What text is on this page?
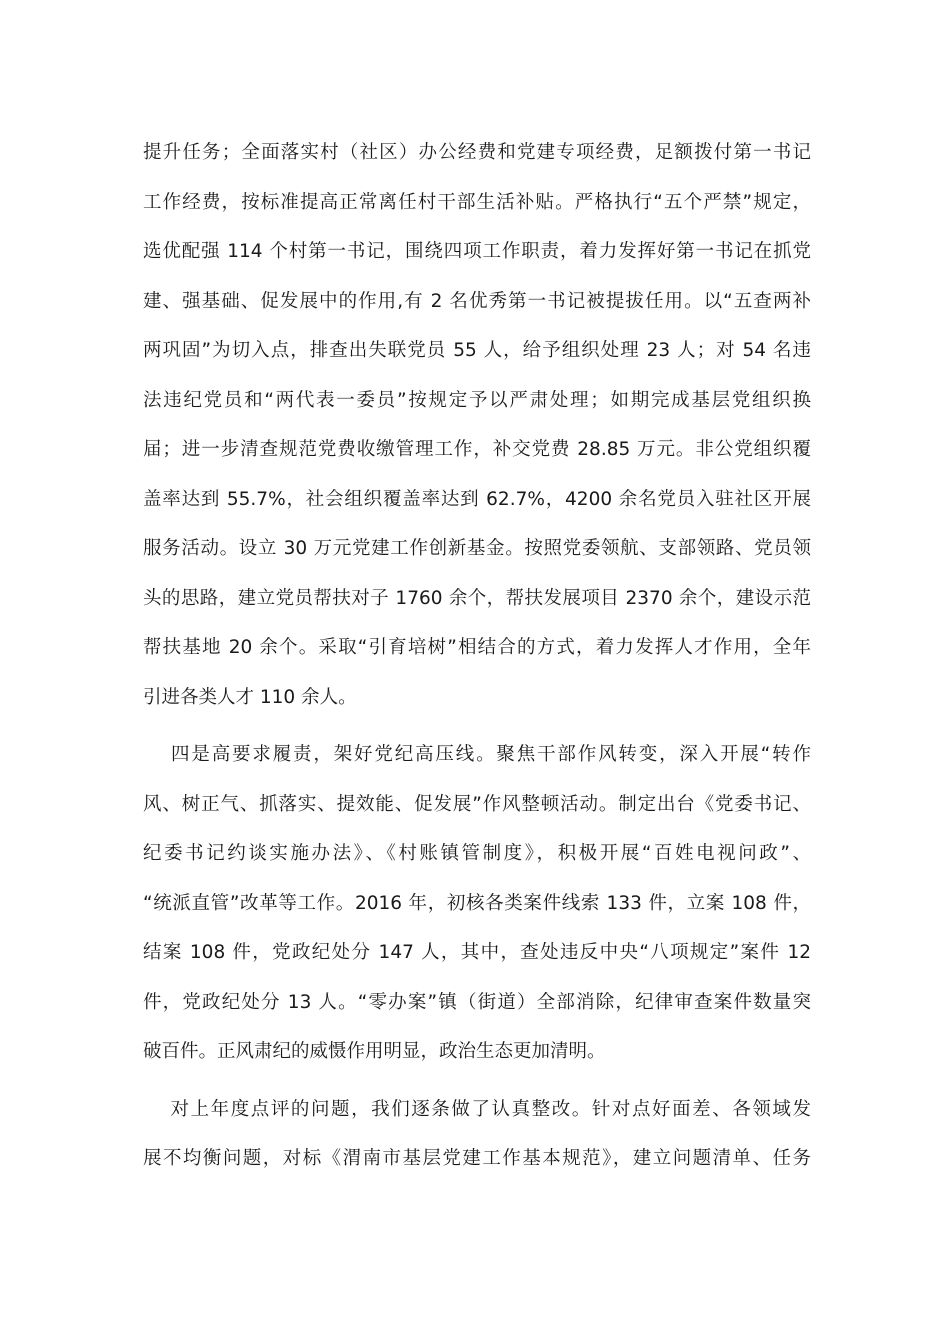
提升任务；全面落实村（社区）办公经费和党建专项经费，足额拨付第一书记
工作经费，按标准提高正常离任村干部生活补贴。严格执行“五个严禁”规定，
选优配强 114 个村第一书记，围绕四项工作职责，着力发挥好第一书记在抓党
建、强基础、促发展中的作用,有 2 名优秀第一书记被提拔任用。以“五查两补
两巩固”为切入点，排查出失联党员 55 人，给予组织处理 23 人；对 54 名违
法违纪党员和“两代表一委员”按规定予以严肃处理；如期完成基层党组织换
届；进一步清查规范党费收缴管理工作，补交党费 28.85 万元。非公党组织覆
盖率达到 55.7%，社会组织覆盖率达到 62.7%，4200 余名党员入驻社区开展
服务活动。设立 30 万元党建工作创新基金。按照党委领航、支部领路、党员领
头的思路，建立党员帮扶对子 1760 余个，帮扶发展项目 2370 余个，建设示范
帮扶基地 20 余个。采取“引育培树”相结合的方式，着力发挥人才作用，全年
引进各类人才 110 余人。
　 四是高要求履责，架好党纪高压线。聚焦干部作风转变，深入开展“转作
风、树正气、抓落实、提效能、促发展”作风整顿活动。制定出台《党委书记、
纪委书记约谈实施办法》、《村账镇管制度》，积极开展“百姓电视问政”、
“统派直管”改革等工作。2016 年，初核各类案件线索 133 件，立案 108 件，
结案 108 件，党政纪处分 147 人，其中，查处违反中央“八项规定”案件 12
件，党政纪处分 13 人。“零办案”镇（街道）全部消除，纪律审查案件数量突
破百件。正风肃纪的威慑作用明显，政治生态更加清明。
　 对上年度点评的问题，我们逐条做了认真整改。针对点好面差、各领域发
展不均衡问题，对标《渭南市基层党建工作基本规范》，建立问题清单、任务
